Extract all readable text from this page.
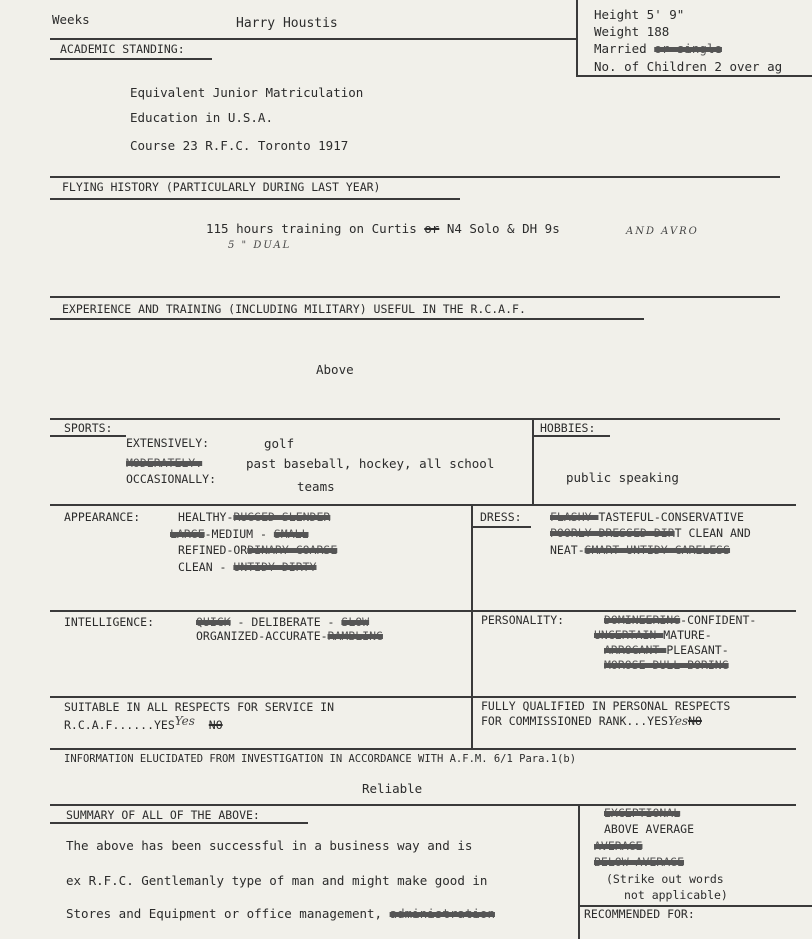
Weeks	Harry Houstis
Height 5' 9"
Weight 188
Married or single
No. of Children 2 over ag
ACADEMIC STANDING:
Equivalent Junior Matriculation
Education in U.S.A.
Course 23 R.F.C. Toronto 1917
FLYING HISTORY (PARTICULARLY DURING LAST YEAR)
115 hours training on Curtis or N4 Solo & DH 9s	AND AVRO
5 " DUAL
EXPERIENCE AND TRAINING (INCLUDING MILITARY) USEFUL IN THE R.C.A.F.
Above
SPORTS:
EXTENSIVELY:	golf
MODERATELY:	past baseball, hockey, all school
OCCASIONALLY:	teams
HOBBIES:
public speaking
APPEARANCE:	HEALTHY-RUGGED-SLENDER
LARGE-MEDIUM - SMALL
REFINED-ORDINARY-COARSE
CLEAN - UNTIDY-DIRTY
DRESS: FLASHY-TASTEFUL-CONSERVATIVE
POORLY DRESSED-DIRT CLEAN AND
NEAT-SMART-UNTIDY-CARELESS
INTELLIGENCE:	QUICK - DELIBERATE - SLOW
ORGANIZED-ACCURATE-RAMBLING
PERSONALITY:	DOMINEERING-CONFIDENT-
UNCERTAIN-MATURE-
ARROGANT-PLEASANT-
MOROSE-DULL-BORING
SUITABLE IN ALL RESPECTS FOR SERVICE IN
R.C.A.F......YESYes NO
FULLY QUALIFIED IN PERSONAL RESPECTS
FOR COMMISSIONED RANK...YESYesNO
INFORMATION ELUCIDATED FROM INVESTIGATION IN ACCORDANCE WITH A.F.M. 6/1 Para.1(b)
Reliable
SUMMARY OF ALL OF THE ABOVE:
The above has been successful in a business way and is
ex R.F.C. Gentlemanly type of man and might make good in
Stores and Equipment or office management, administration
EXCEPTIONAL
ABOVE AVERAGE
AVERAGE
BELOW AVERAGE
(Strike out words
not applicable)
RECOMMENDED FOR:
